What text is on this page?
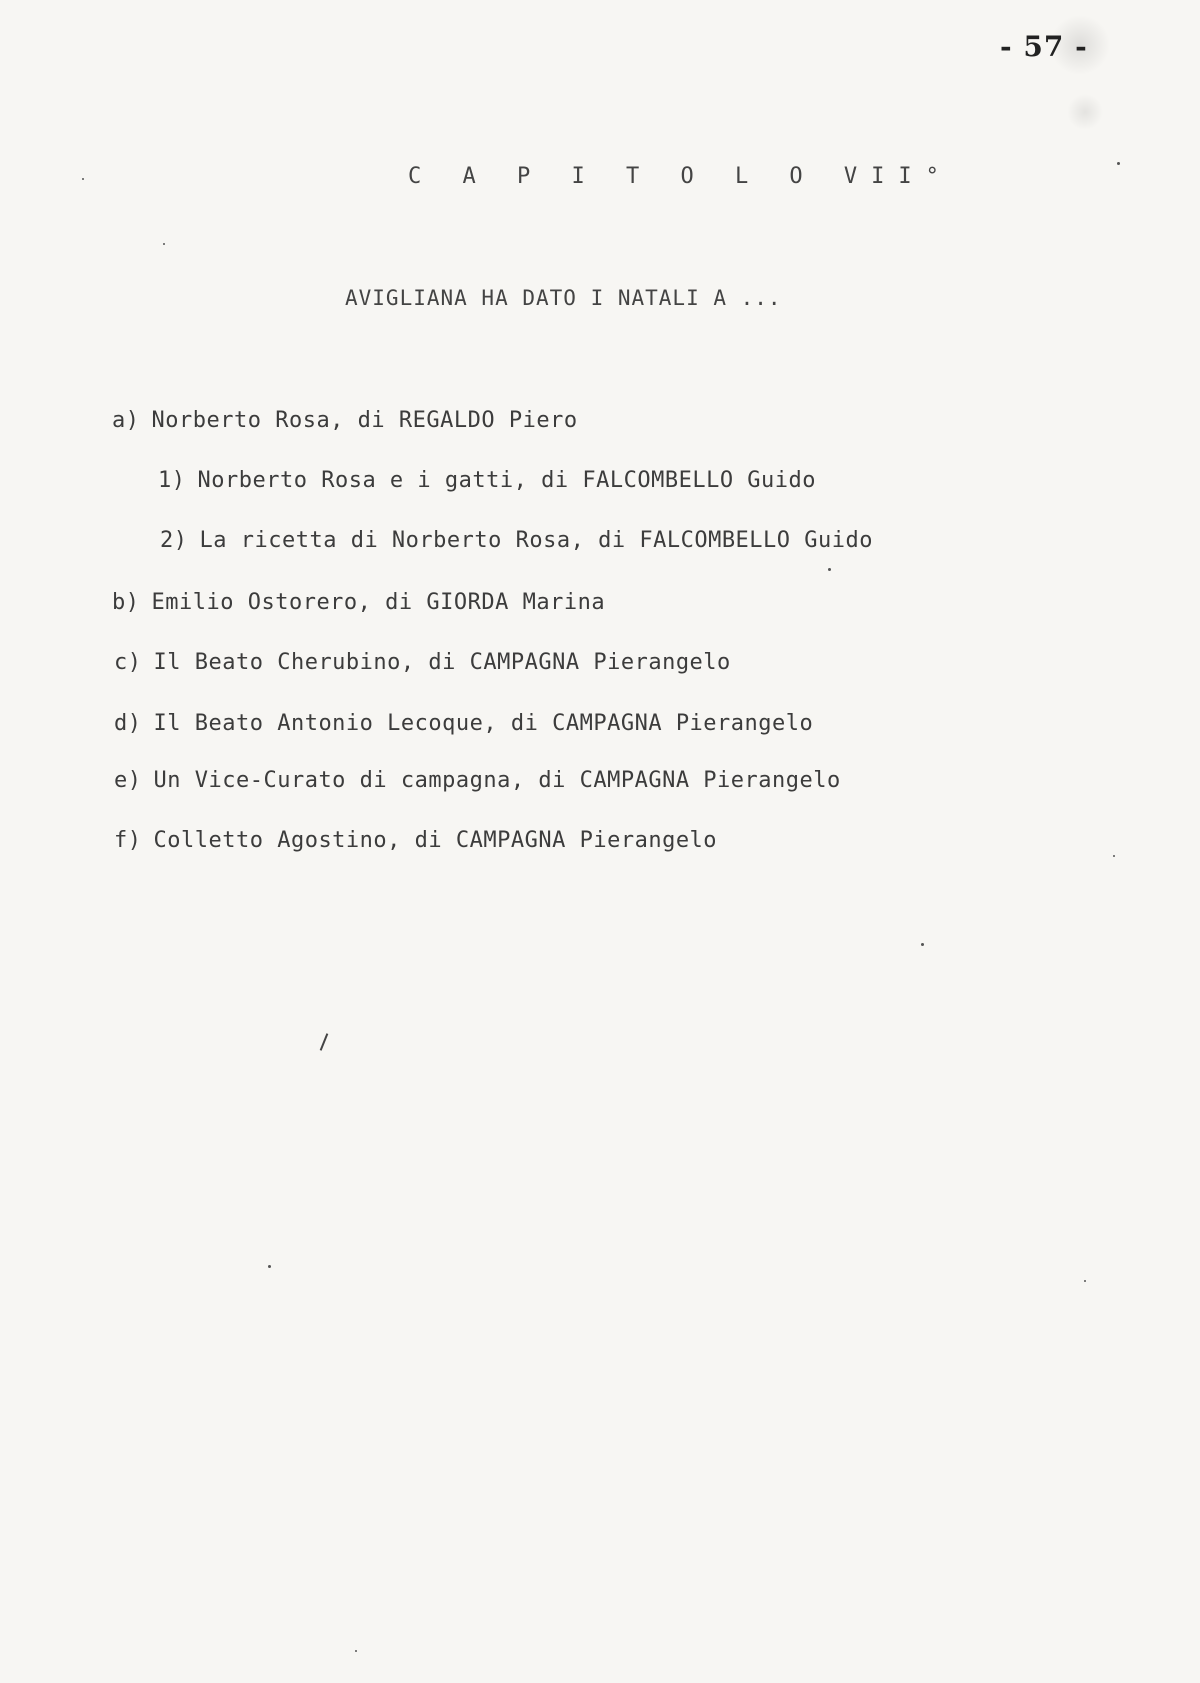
- 57 -
C A P I T O L O VII°
AVIGLIANA HA DATO I NATALI A ...
a) Norberto Rosa, di REGALDO Piero
1) Norberto Rosa e i gatti, di FALCOMBELLO Guido
2) La ricetta di Norberto Rosa, di FALCOMBELLO Guido
b) Emilio Ostorero, di GIORDA Marina
c) Il Beato Cherubino, di CAMPAGNA Pierangelo
d) Il Beato Antonio Lecoque, di CAMPAGNA Pierangelo
e) Un Vice-Curato di campagna, di CAMPAGNA Pierangelo
f) Colletto Agostino, di CAMPAGNA Pierangelo
